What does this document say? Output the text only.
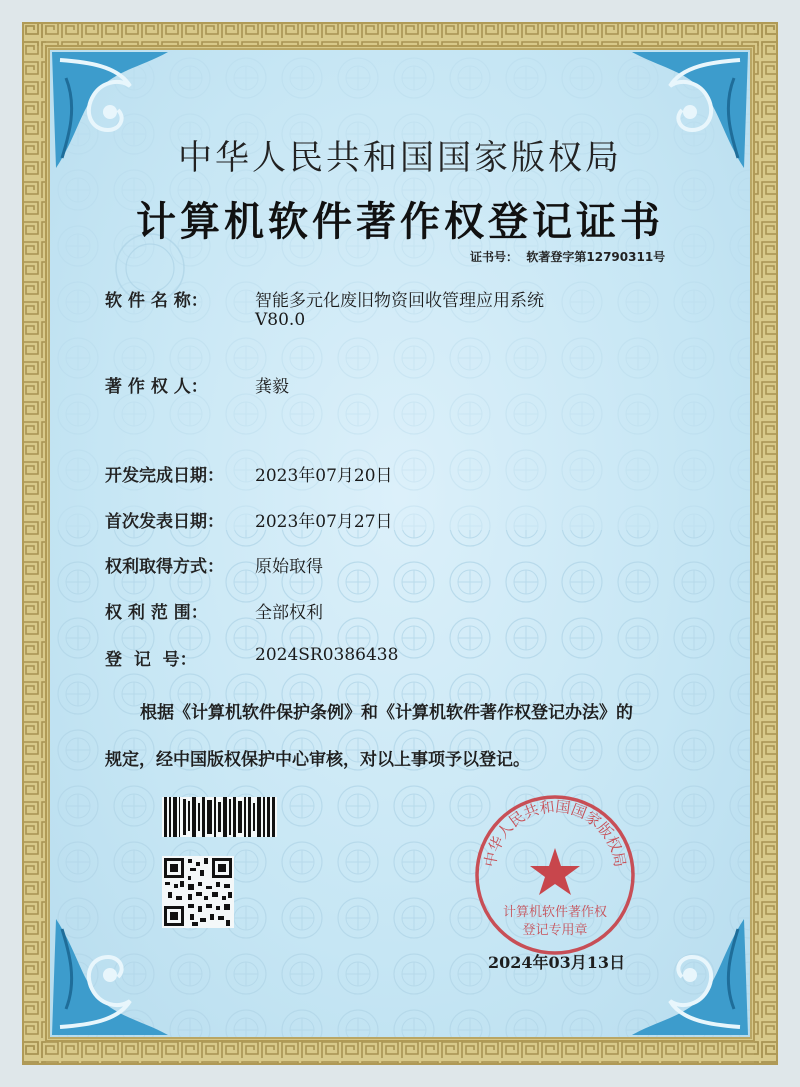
中华人民共和国国家版权局
计算机软件著作权登记证书
证书号： 软著登字第12790311号
软 件 名 称：	智能多元化废旧物资回收管理应用系统
V80.0
著 作 权 人：	龚毅
开发完成日期： 2023年07月20日
首次发表日期： 2023年07月27日
权利取得方式： 原始取得
权 利 范 围：	全部权利
登  记  号：	2024SR0386438
根据《计算机软件保护条例》和《计算机软件著作权登记办法》的
规定，经中国版权保护中心审核，对以上事项予以登记。
2024年03月13日
中华人民共和国国家版权局
计算机软件著作权
登记专用章
